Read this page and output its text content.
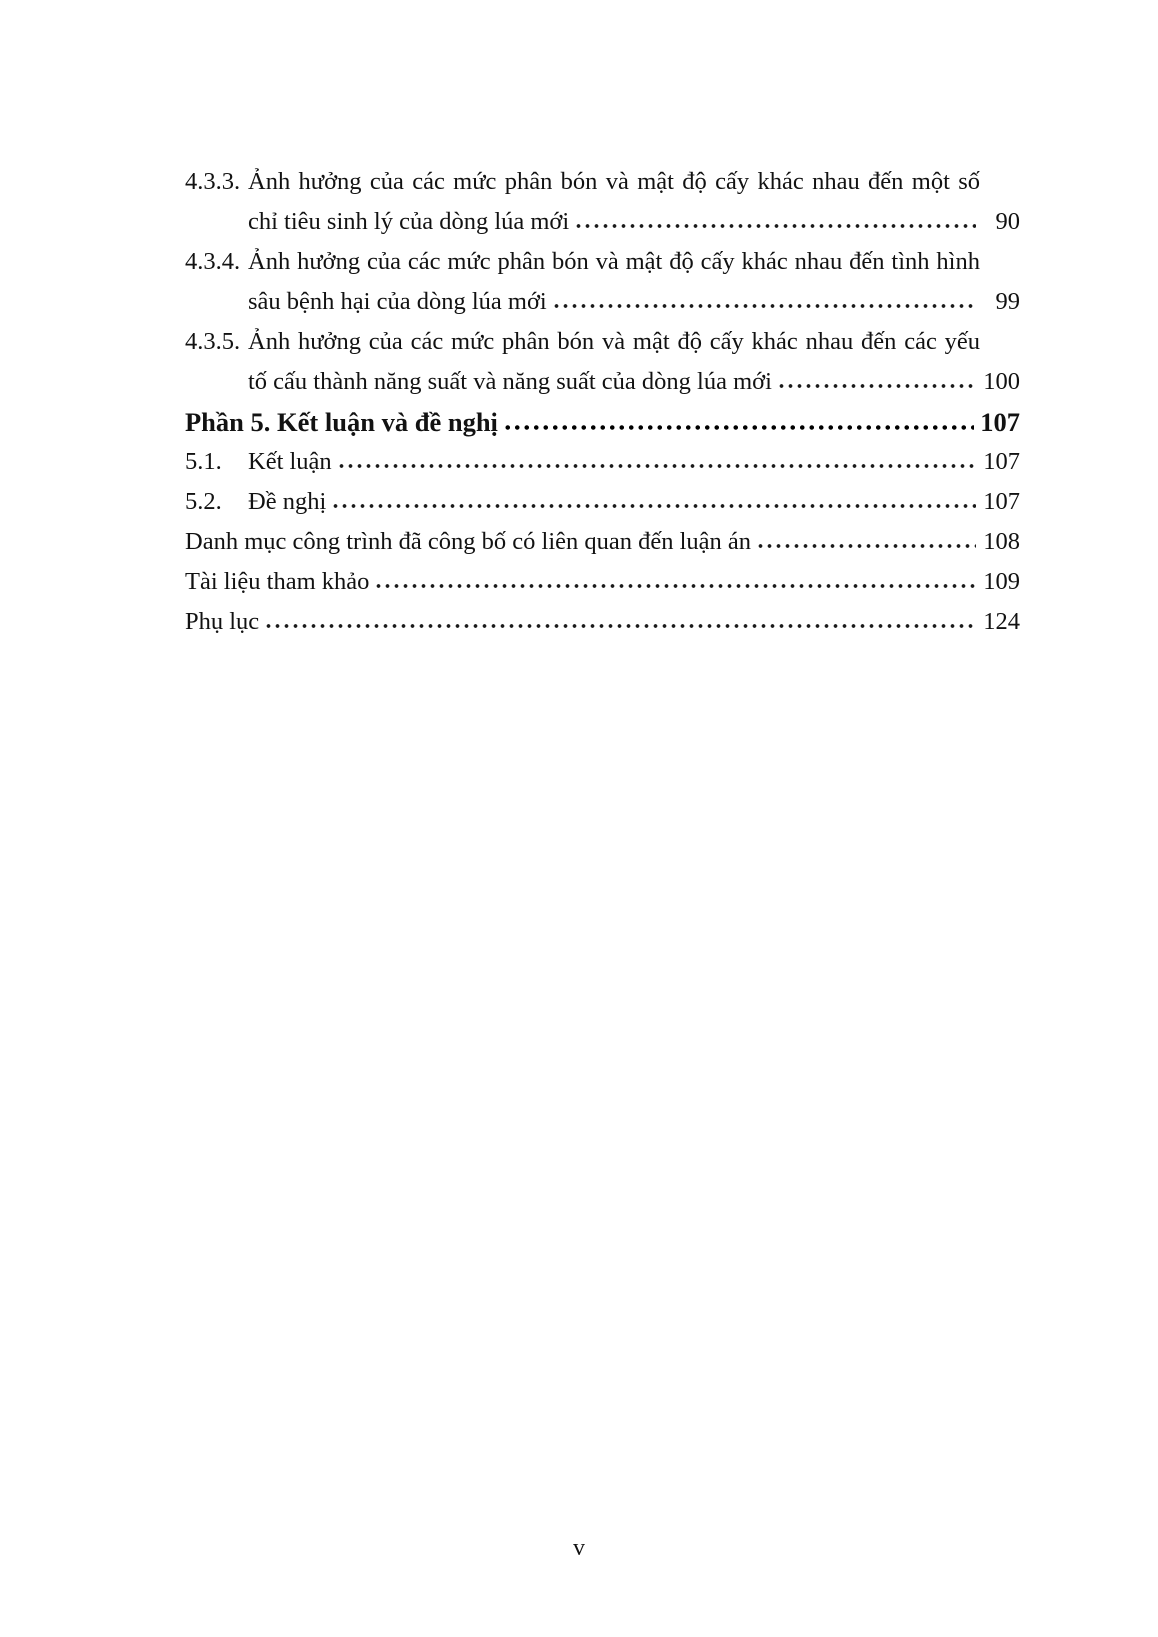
4.3.3. Ảnh hưởng của các mức phân bón và mật độ cấy khác nhau đến một số
chỉ tiêu sinh lý của dòng lúa mới	90
4.3.4. Ảnh hưởng của các mức phân bón và mật độ cấy khác nhau đến tình hình
sâu bệnh hại của dòng lúa mới	99
4.3.5. Ảnh hưởng của các mức phân bón và mật độ cấy khác nhau đến các yếu
tố cấu thành năng suất và năng suất của dòng lúa mới	100
Phần 5. Kết luận và đề nghị	107
5.1.	Kết luận	107
5.2.	Đề nghị	107
Danh mục công trình đã công bố có liên quan đến luận án	108
Tài liệu tham khảo	109
Phụ lục	124
v
